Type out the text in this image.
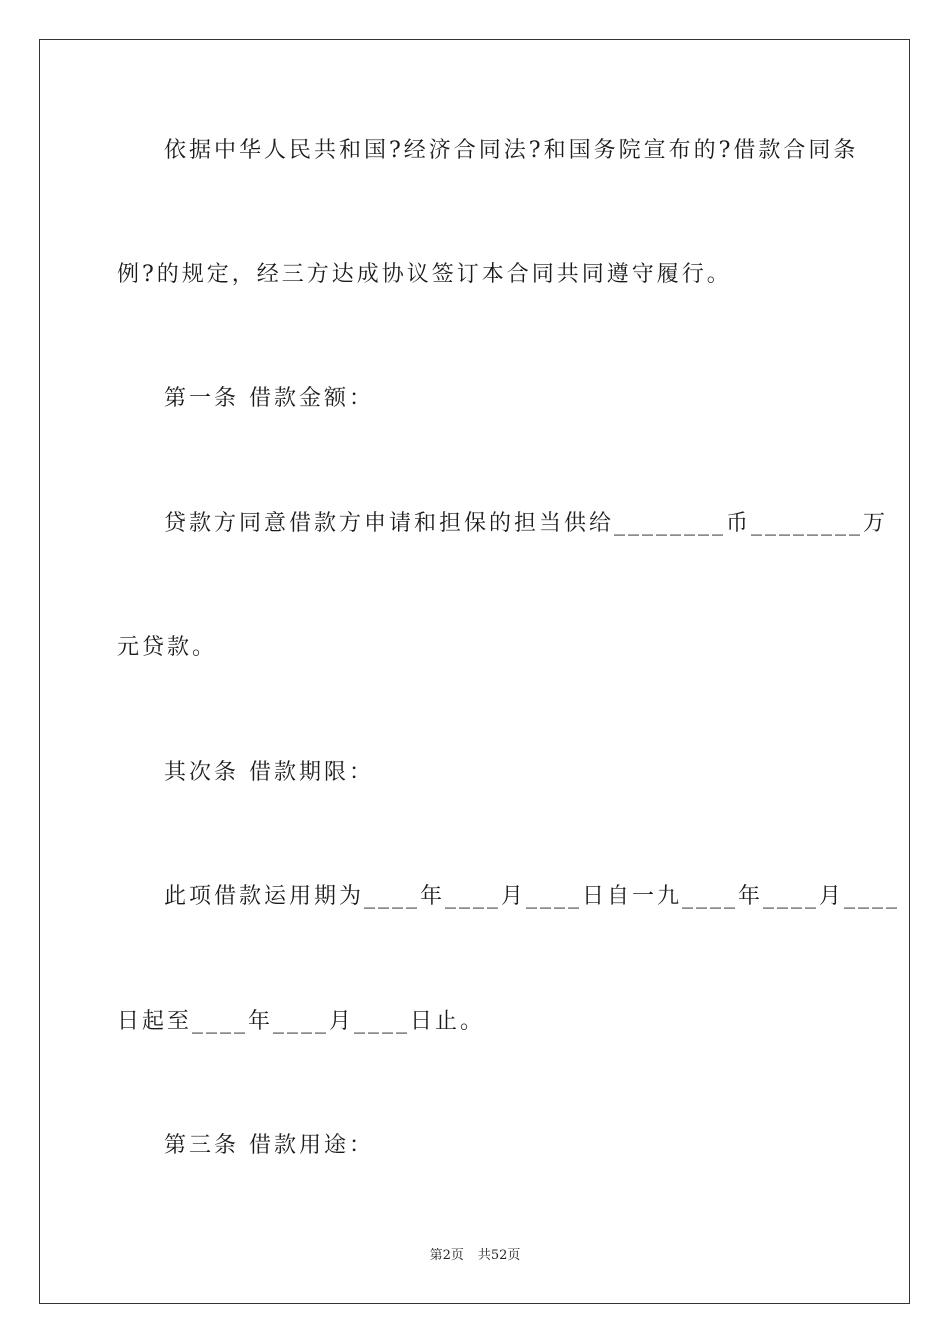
依据中华人民共和国?经济合同法?和国务院宣布的?借款合同条

例?的规定，经三方达成协议签订本合同共同遵守履行。

第一条 借款金额：

贷款方同意借款方申请和担保的担当供给________币________万

元贷款。

其次条 借款期限：

此项借款运用期为____年____月____日自一九____年____月____

日起至____年____月____日止。

第三条 借款用途：

第2页 共52页
